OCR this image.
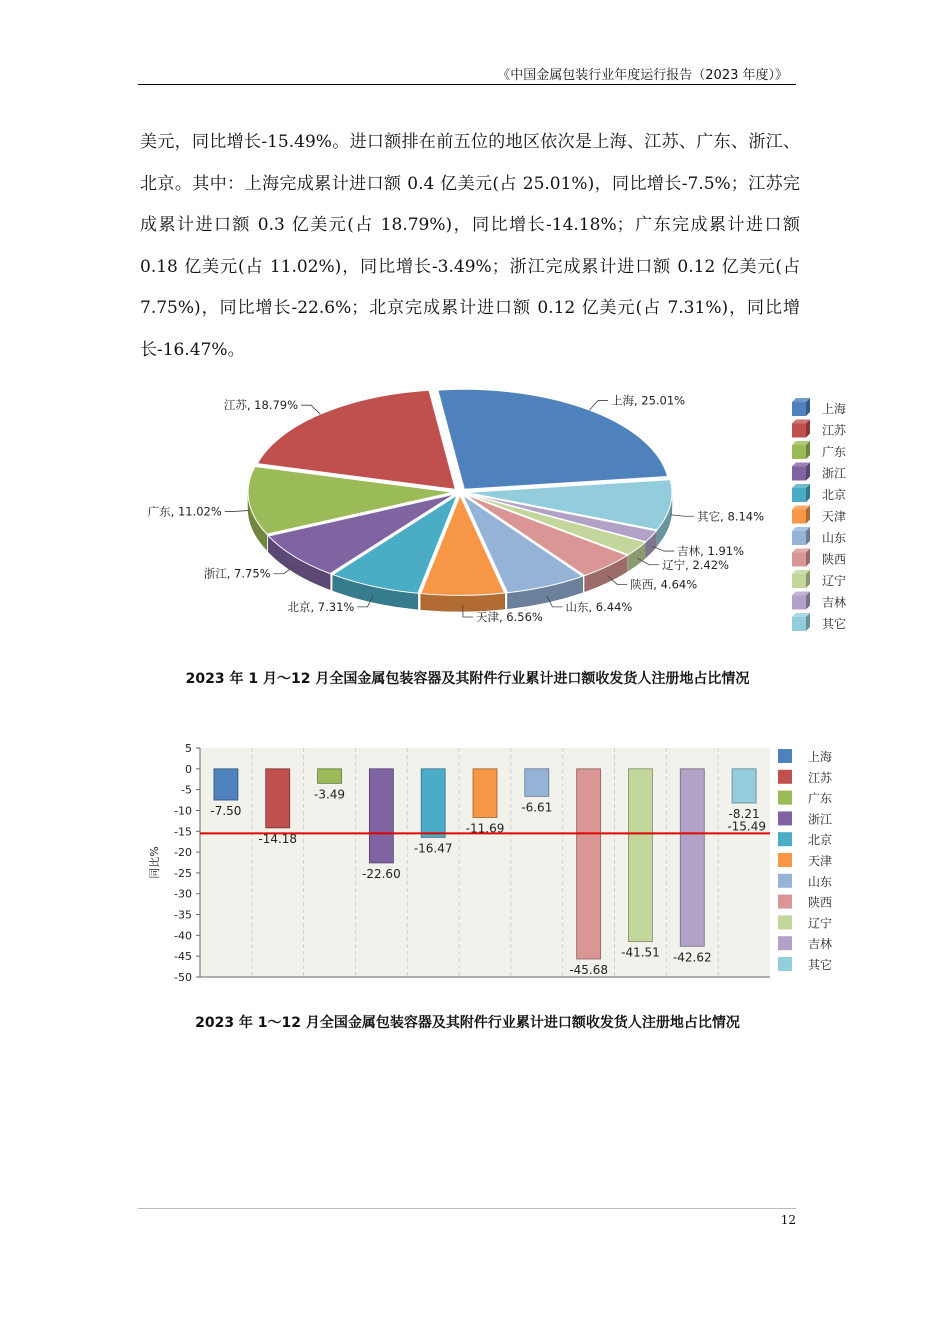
《中国金属包装行业年度运行报告（2023 年度）》

美元，同比增长-15.49%。进口额排在前五位的地区依次是上海、江苏、广东、浙江、北京。其中：上海完成累计进口额 0.4 亿美元(占 25.01%)，同比增长-7.5%；江苏完成累计进口额 0.3 亿美元(占 18.79%)，同比增长-14.18%；广东完成累计进口额 0.18 亿美元(占 11.02%)，同比增长-3.49%；浙江完成累计进口额 0.12 亿美元(占 7.75%)，同比增长-22.6%；北京完成累计进口额 0.12 亿美元(占 7.31%)，同比增长-16.47%。

上海, 25.01%
其它, 8.14%
吉林, 1.91%
辽宁, 2.42%
陕西, 4.64%
山东, 6.44%
天津, 6.56%
北京, 7.31%
浙江, 7.75%
广东, 11.02%
江苏, 18.79%	上海
江苏
广东
浙江
北京
天津
山东
陕西
辽宁
吉林
其它
2023 年 1 月～12 月全国金属包装容器及其附件行业累计进口额收发货人注册地占比情况
5
0
-5
-10
-15
-20
-25
-30
-35
-40
-45
-50
同比%
-7.50
-14.18
-3.49
-22.60
-16.47
-11.69
-6.61
-45.68
-41.51 -42.62
-8.21
-15.49
上海
江苏
广东
浙江
北京
天津
山东
陕西
辽宁
吉林
其它
2023 年 1～12 月全国金属包装容器及其附件行业累计进口额收发货人注册地占比情况
12
